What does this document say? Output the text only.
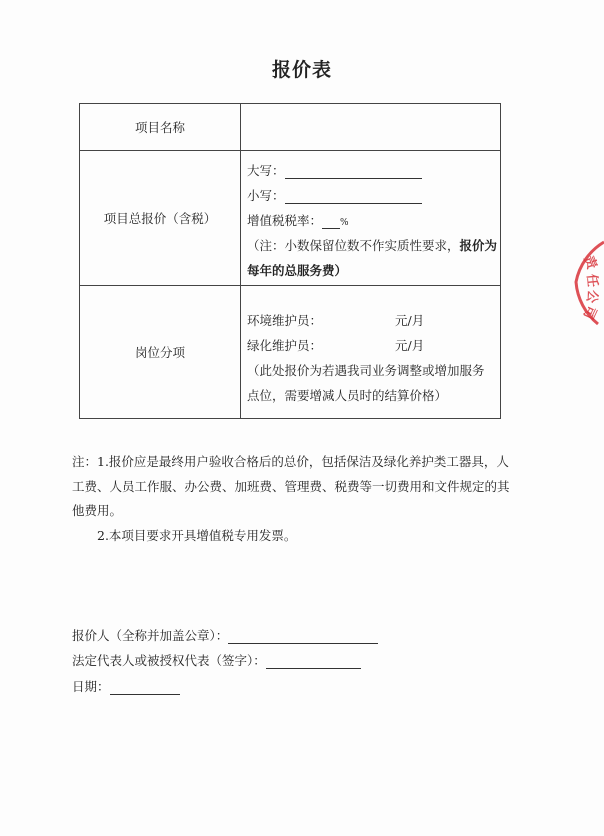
报价表
项目名称	
项目总报价（含税）	大写：
小写：
增值税税率： %
（注：小数保留位数不作实质性要求，报价为
每年的总服务费）

岗位分项	环境维护员： 元/月
绿化维护员： 元/月
（此处报价为若遇我司业务调整或增加服务
点位，需要增减人员时的结算价格）
注：1.报价应是最终用户验收合格后的总价，包括保洁及绿化养护类工器具，人
工费、人员工作服、办公费、加班费、管理费、税费等一切费用和文件规定的其
他费用。
2.本项目要求开具增值税专用发票。
报价人（全称并加盖公章）：
法定代表人或被授权代表（签字）：
日期：
责
任
公
司
